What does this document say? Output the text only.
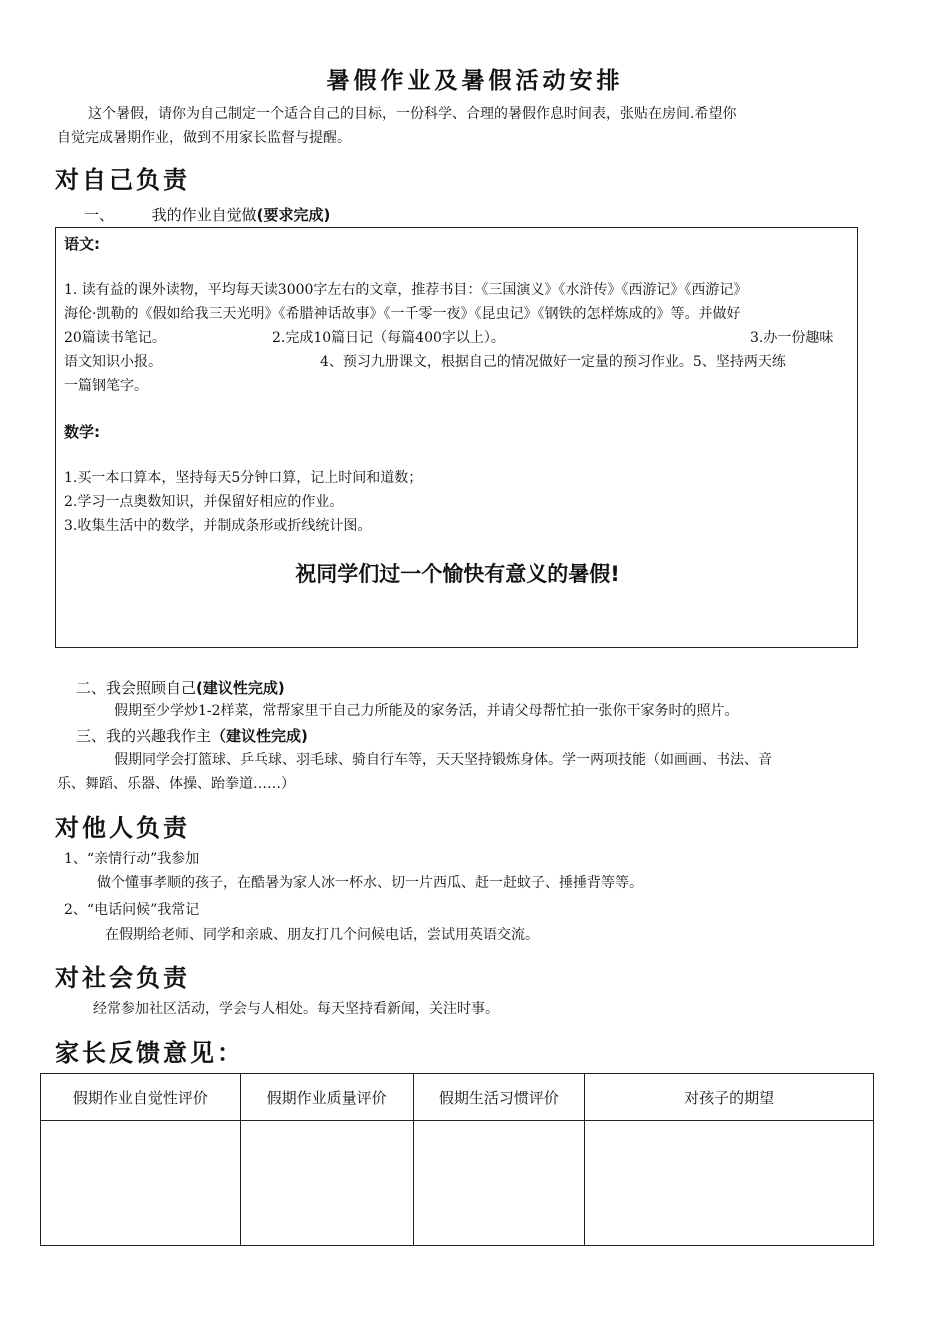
暑假作业及暑假活动安排
这个暑假，请你为自己制定一个适合自己的目标，一份科学、合理的暑假作息时间表，张贴在房间.希望你
自觉完成暑期作业，做到不用家长监督与提醒。
对自己负责
一、	我的作业自觉做(要求完成)
语文:
1. 读有益的课外读物，平均每天读3000字左右的文章，推荐书目：《三国演义》《水浒传》《西游记》《西游记》
海伦·凯勒的《假如给我三天光明》《希腊神话故事》《一千零一夜》《昆虫记》《钢铁的怎样炼成的》等。并做好
20篇读书笔记。	2.完成10篇日记（每篇400字以上）。	3.办一份趣味
语文知识小报。	4、预习九册课文，根据自己的情况做好一定量的预习作业。5、坚持两天练
一篇钢笔字。
数学:
1.买一本口算本，坚持每天5分钟口算，记上时间和道数；
2.学习一点奥数知识，并保留好相应的作业。
3.收集生活中的数学，并制成条形或折线统计图。
祝同学们过一个愉快有意义的暑假!
二、我会照顾自己(建议性完成)
假期至少学炒1-2样菜，常帮家里干自己力所能及的家务活，并请父母帮忙拍一张你干家务时的照片。
三、我的兴趣我作主（建议性完成)
假期同学会打篮球、乒乓球、羽毛球、骑自行车等，天天坚持锻炼身体。学一两项技能（如画画、书法、音
乐、舞蹈、乐器、体操、跆拳道……）
对他人负责
1、“亲情行动”我参加
做个懂事孝顺的孩子，在酷暑为家人冰一杯水、切一片西瓜、赶一赶蚊子、捶捶背等等。
2、“电话问候”我常记
在假期给老师、同学和亲戚、朋友打几个问候电话，尝试用英语交流。
对社会负责
经常参加社区活动，学会与人相处。每天坚持看新闻，关注时事。
家长反馈意见：
假期作业自觉性评价	假期作业质量评价	假期生活习惯评价	对孩子的期望
